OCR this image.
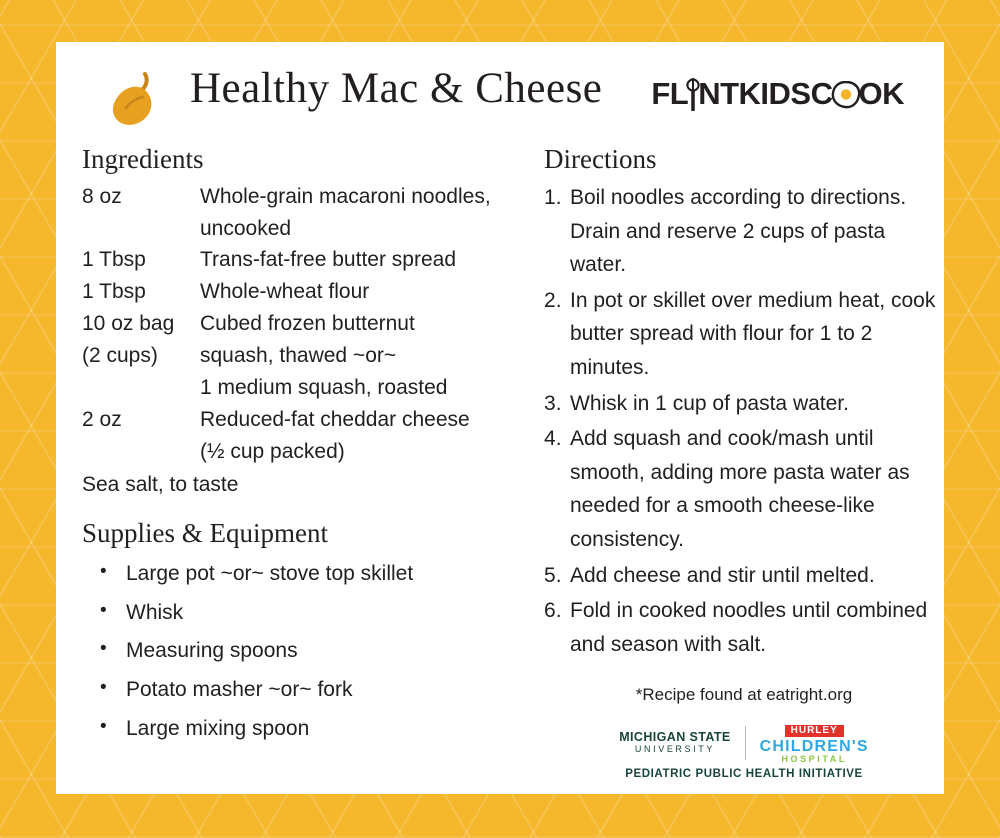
Healthy Mac & Cheese FL NT K IDS C OK
Ingredients
8 oz	Whole-grain macaroni noodles,
uncooked
1 Tbsp	Trans-fat-free butter spread
1 Tbsp	Whole-wheat flour
10 oz bag	Cubed frozen butternut
(2 cups)	squash, thawed ~or~
1 medium squash, roasted
2 oz	Reduced-fat cheddar cheese
(½ cup packed)
Sea salt, to taste
Supplies & Equipment
• Large pot ~or~ stove top skillet
• Whisk
• Measuring spoons
• Potato masher ~or~ fork
• Large mixing spoon
Directions
Boil noodles according to directions. Drain and reserve 2 cups of pasta water.
In pot or skillet over medium heat, cook butter spread with flour for 1 to 2 minutes.
Whisk in 1 cup of pasta water.
Add squash and cook/mash until smooth, adding more pasta water as needed for a smooth cheese-like consistency.
Add cheese and stir until melted.
Fold in cooked noodles until combined and season with salt.
*Recipe found at eatright.org
MICHIGAN STATE
UNIVERSITY
HURLEY
CHILDREN'S
HOSPITAL
PEDIATRIC PUBLIC HEALTH INITIATIVE
